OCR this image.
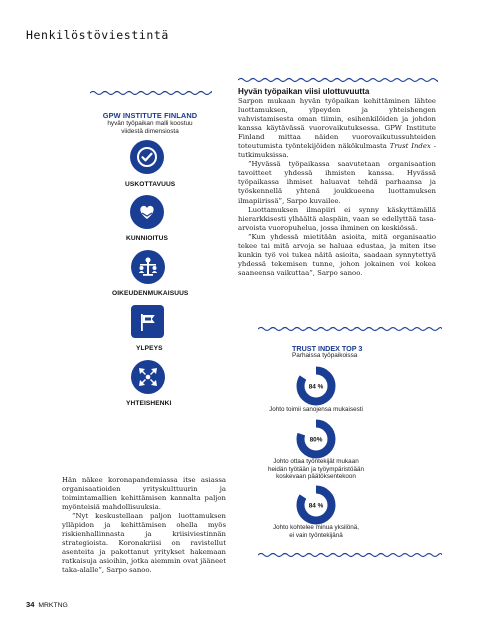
Henkilöstöviestintä
GPW INSTITUTE FINLAND
hyvän työpaikan malli koostuu
viidestä dimensiosta
USKOTTAVUUS
KUNNIOITUS
OIKEUDENMUKAISUUS
YLPEYS
YHTEISHENKI
Hyvän työpaikan viisi ulottuvuutta

Sarpon mukaan hyvän työpaikan kehittäminen lähtee luottamuksen, ylpeyden ja yhteishengen vahvistamisesta oman tiimin, esihenkilöiden ja johdon kanssa käytävässä vuorovaikutuksessa. GPW Institute Finland mittaa näiden vuorovaikutussuhteiden toteutumista työntekijöiden näkökulmasta Trust Index -tutkimuksissa.

”Hyvässä työpaikassa saavutetaan organisaation tavoitteet yhdessä ihmisten kanssa. Hyvässä työpaikassa ihmiset haluavat tehdä parhaansa ja työskennellä yhtenä joukkueena luottamuksen ilmapiirissä”, Sarpo kuvailee.

Luottamuksen ilmapiiri ei synny käskyttämällä hierarkkisesti ylhäältä alaspäin, vaan se edellyttää tasa-arvoista vuoropuhelua, jossa ihminen on keskiössä.

”Kun yhdessä mietitään asioita, mitä organisaatio tekee tai mitä arvoja se haluaa edustaa, ja miten itse kunkin työ voi tukea näitä asioita, saadaan synnytettyä yhdessä tekemisen tunne, johon jokainen voi kokea saaneensa vaikuttaa”, Sarpo sanoo.

TRUST INDEX TOP 3
Parhaissa työpaikoissa
84 %
Johto toimii sanojensa mukaisesti
80%
Johto ottaa työntekijät mukaan
heidän työtään ja työympäristöään
koskevaan päätöksentekoon
84 %
Johto kohtelee minua yksilönä,
ei vain työntekijänä

Hän näkee koronapandemiassa itse asiassa organisaatioiden yrityskulttuurin ja toimintamallien kehittämisen kannalta paljon myönteisiä mahdollisuuksia.

”Nyt keskustellaan paljon luottamuksen ylläpidon ja kehittämisen ohella myös riskienhallinnasta ja kriisiviestinnän strategioista. Koronakriisi on ravistellut asenteita ja pakottanut yritykset hakemaan ratkaisuja asioihin, jotka aiemmin ovat jääneet taka-alalle”, Sarpo sanoo.

34 MRKTNG
